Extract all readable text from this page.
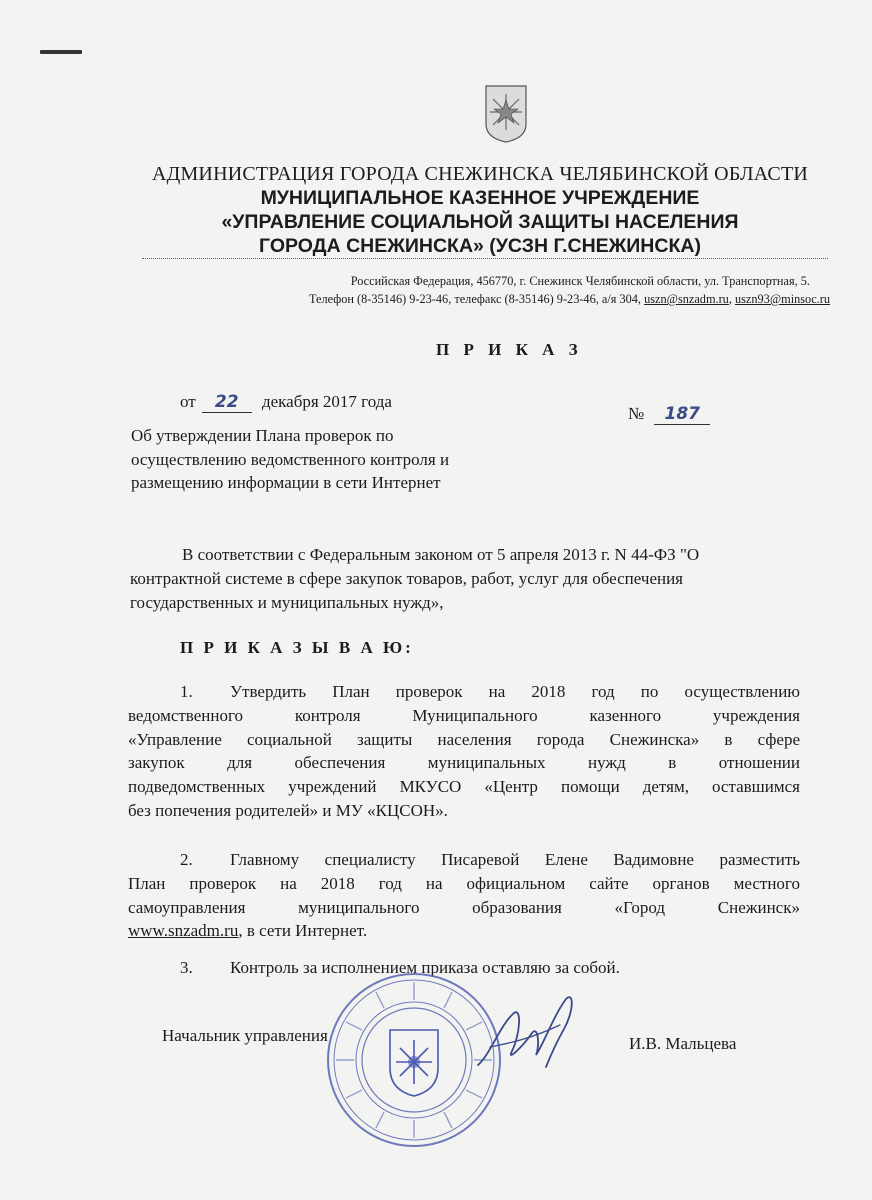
АДМИНИСТРАЦИЯ ГОРОДА СНЕЖИНСКА ЧЕЛЯБИНСКОЙ ОБЛАСТИ
МУНИЦИПАЛЬНОЕ КАЗЕННОЕ УЧРЕЖДЕНИЕ
«УПРАВЛЕНИЕ СОЦИАЛЬНОЙ ЗАЩИТЫ НАСЕЛЕНИЯ
ГОРОДА СНЕЖИНСКА» (УСЗН Г.СНЕЖИНСКА)
Российская Федерация, 456770, г. Снежинск Челябинской области, ул. Транспортная, 5.
Телефон (8-35146) 9-23-46, телефакс (8-35146) 9-23-46, а/я 304, uszn@snzadm.ru, uszn93@minsoc.ru
П Р И К А З
от 22 декабря 2017 года
№ 187
Об утверждении Плана проверок по осуществлению ведомственного контроля и размещению информации в сети Интернет
В соответствии с Федеральным законом от 5 апреля 2013 г. N 44-ФЗ "О
контрактной системе в сфере закупок товаров, работ, услуг для обеспечения
государственных и муниципальных нужд»,
П Р И К А З Ы В А Ю:
1. Утвердить План проверок на 2018 год по осуществлению
ведомственного контроля Муниципального казенного учреждения
«Управление социальной защиты населения города Снежинска» в сфере
закупок для обеспечения муниципальных нужд в отношении
подведомственных учреждений МКУСО «Центр помощи детям, оставшимся
без попечения родителей» и МУ «КЦСОН».
2. Главному специалисту Писаревой Елене Вадимовне разместить
План проверок на 2018 год на официальном сайте органов местного
самоуправления муниципального образования «Город Снежинск»
www.snzadm.ru, в сети Интернет.
3. Контроль за исполнением приказа оставляю за собой.
Начальник управления	И.В. Мальцева
